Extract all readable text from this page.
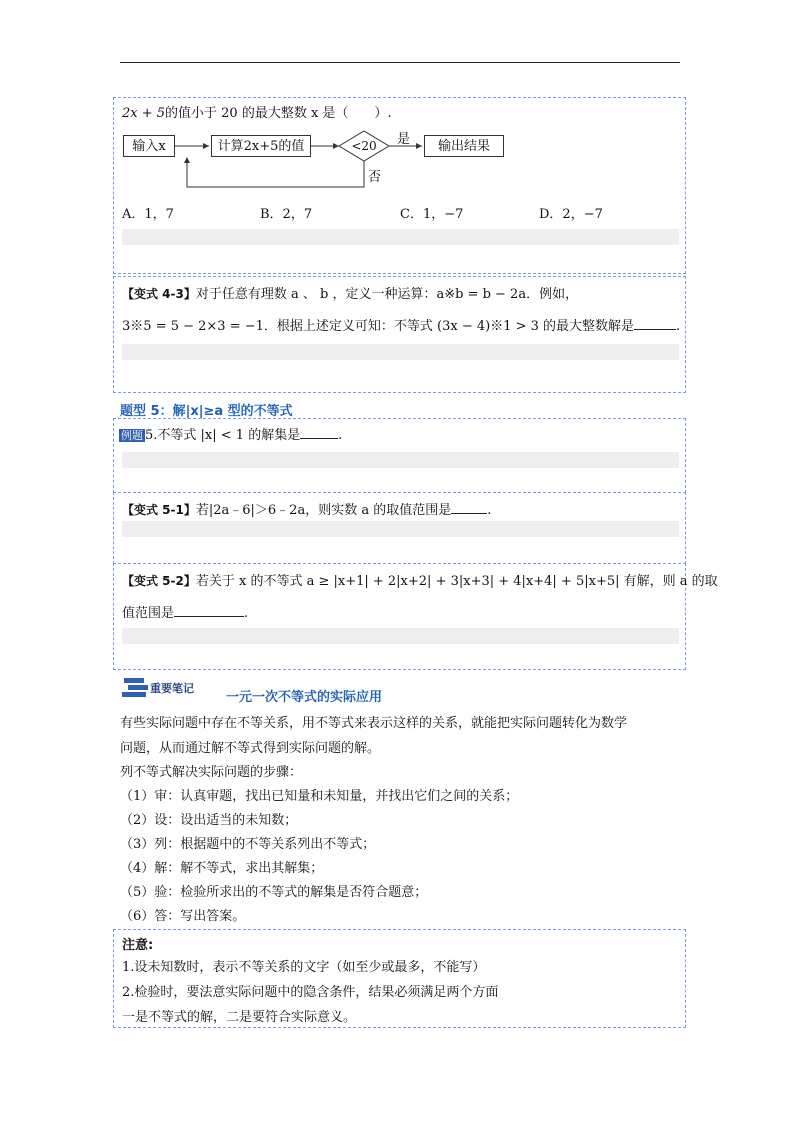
2x + 5的值小于 20 的最大整数 x 是（　　）.
输入x	计算2x+5的值	<20	输出结果
是
否
A．1，7	B．2，7	C．1，−7	D．2，−7
【变式 4-3】对于任意有理数 a 、 b ，定义一种运算：a※b = b − 2a．例如，
3※5 = 5 − 2×3 = −1．根据上述定义可知：不等式 (3x − 4)※1 > 3 的最大整数解是	.
题型 5：解|x|≥a 型的不等式
例题 5.不等式 |x| < 1 的解集是	.
【变式 5-1】若|2a﹣6|＞6﹣2a，则实数 a 的取值范围是	.
【变式 5-2】若关于 x 的不等式 a ≥ |x+1| + 2|x+2| + 3|x+3| + 4|x+4| + 5|x+5| 有解，则 a 的取
值范围是	.
重要笔记
一元一次不等式的实际应用
有些实际问题中存在不等关系，用不等式来表示这样的关系，就能把实际问题转化为数学
问题，从而通过解不等式得到实际问题的解。
列不等式解决实际问题的步骤：
（1）审：认真审题，找出已知量和未知量，并找出它们之间的关系；
（2）设：设出适当的未知数；
（3）列：根据题中的不等关系列出不等式；
（4）解：解不等式，求出其解集；
（5）验：检验所求出的不等式的解集是否符合题意；
（6）答：写出答案。
注意:
1.设未知数时，表示不等关系的文字（如至少或最多，不能写）
2.检验时，要法意实际问题中的隐含条件，结果必须满足两个方面
一是不等式的解，二是要符合实际意义。
